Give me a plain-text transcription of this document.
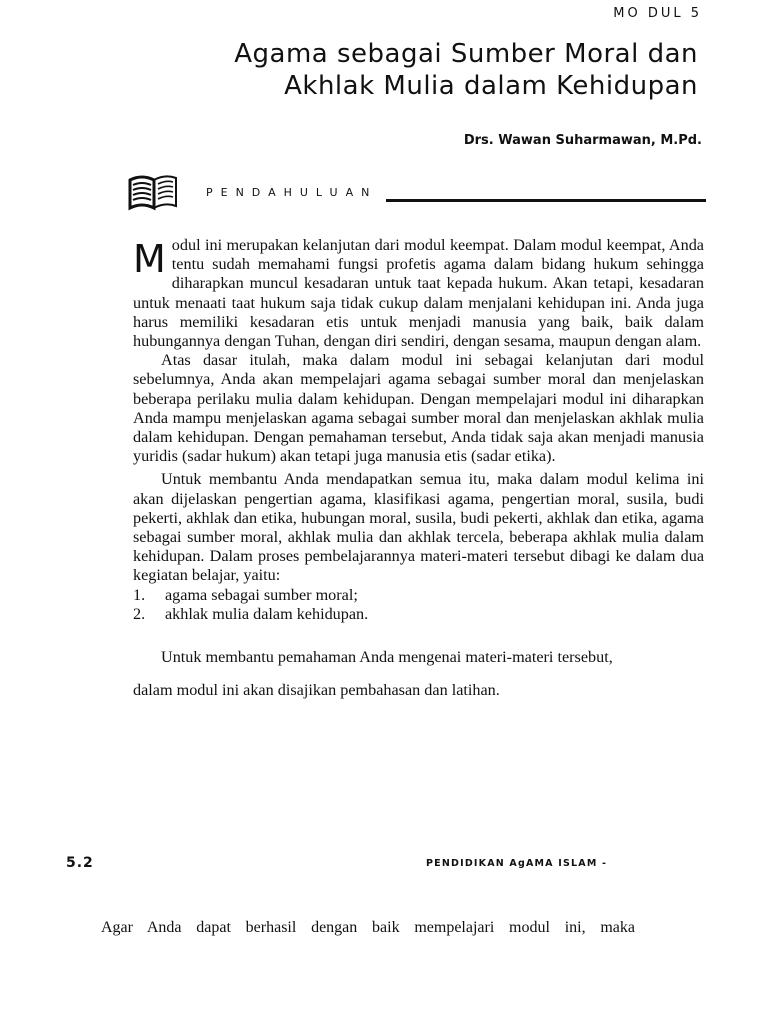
MO DUL 5
Agama sebagai Sumber Moral dan
Akhlak Mulia dalam Kehidupan
Drs. Wawan Suharmawan, M.Pd.
PENDAHULUAN

Modul ini merupakan kelanjutan dari modul keempat. Dalam modul keempat, Anda tentu sudah memahami fungsi profetis agama dalam bidang hukum sehingga diharapkan muncul kesadaran untuk taat kepada hukum. Akan tetapi, kesadaran untuk menaati taat hukum saja tidak cukup dalam menjalani kehidupan ini. Anda juga harus memiliki kesadaran etis untuk menjadi manusia yang baik, baik dalam hubungannya dengan Tuhan, dengan diri sendiri, dengan sesama, maupun dengan alam.

Atas dasar itulah, maka dalam modul ini sebagai kelanjutan dari modul sebelumnya, Anda akan mempelajari agama sebagai sumber moral dan menjelaskan beberapa perilaku mulia dalam kehidupan. Dengan mempelajari modul ini diharapkan Anda mampu menjelaskan agama sebagai sumber moral dan menjelaskan akhlak mulia dalam kehidupan. Dengan pemahaman tersebut, Anda tidak saja akan menjadi manusia yuridis (sadar hukum) akan tetapi juga manusia etis (sadar etika).

Untuk membantu Anda mendapatkan semua itu, maka dalam modul kelima ini akan dijelaskan pengertian agama, klasifikasi agama, pengertian moral, susila, budi pekerti, akhlak dan etika, hubungan moral, susila, budi pekerti, akhlak dan etika, agama sebagai sumber moral, akhlak mulia dan akhlak tercela, beberapa akhlak mulia dalam kehidupan. Dalam proses pembelajarannya materi-materi tersebut dibagi ke dalam dua kegiatan belajar, yaitu:

1.	agama sebagai sumber moral;
2.	akhlak mulia dalam kehidupan.

Untuk membantu pemahaman Anda mengenai materi-materi tersebut,

dalam modul ini akan disajikan pembahasan dan latihan.

5.2	PENDIDIKAN AgAMA ISLAM -
Agar Anda dapat berhasil dengan baik mempelajari modul ini, maka
